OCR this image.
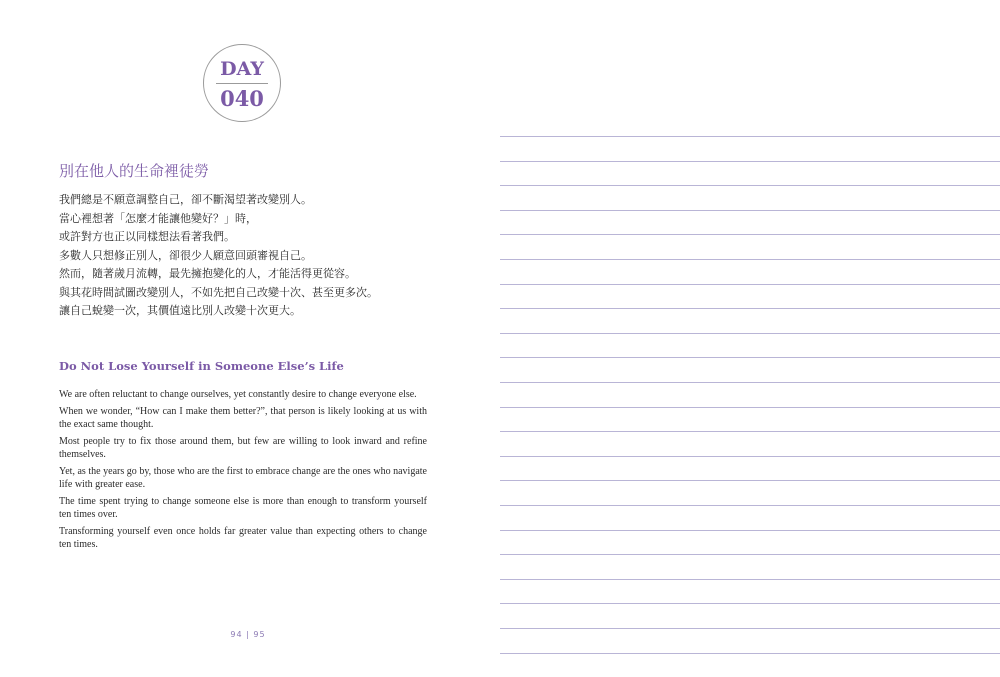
DAY
040
別在他人的生命裡徒勞
我們總是不願意調整自己，卻不斷渴望著改變別人。
當心裡想著「怎麼才能讓他變好？」時，
或許對方也正以同樣想法看著我們。
多數人只想修正別人，卻很少人願意回頭審視自己。
然而，隨著歲月流轉，最先擁抱變化的人，才能活得更從容。
與其花時間試圖改變別人，不如先把自己改變十次、甚至更多次。
讓自己蛻變一次，其價值遠比別人改變十次更大。
Do Not Lose Yourself in Someone Else’s Life
We are often reluctant to change ourselves, yet constantly desire to change everyone else.
When we wonder, “How can I make them better?”, that person is likely looking at us with the exact same thought.
Most people try to fix those around them, but few are willing to look inward and refine themselves.
Yet, as the years go by, those who are the first to embrace change are the ones who navigate life with greater ease.
The time spent trying to change someone else is more than enough to transform yourself ten times over.
Transforming yourself even once holds far greater value than expecting others to change ten times.
94 | 95
